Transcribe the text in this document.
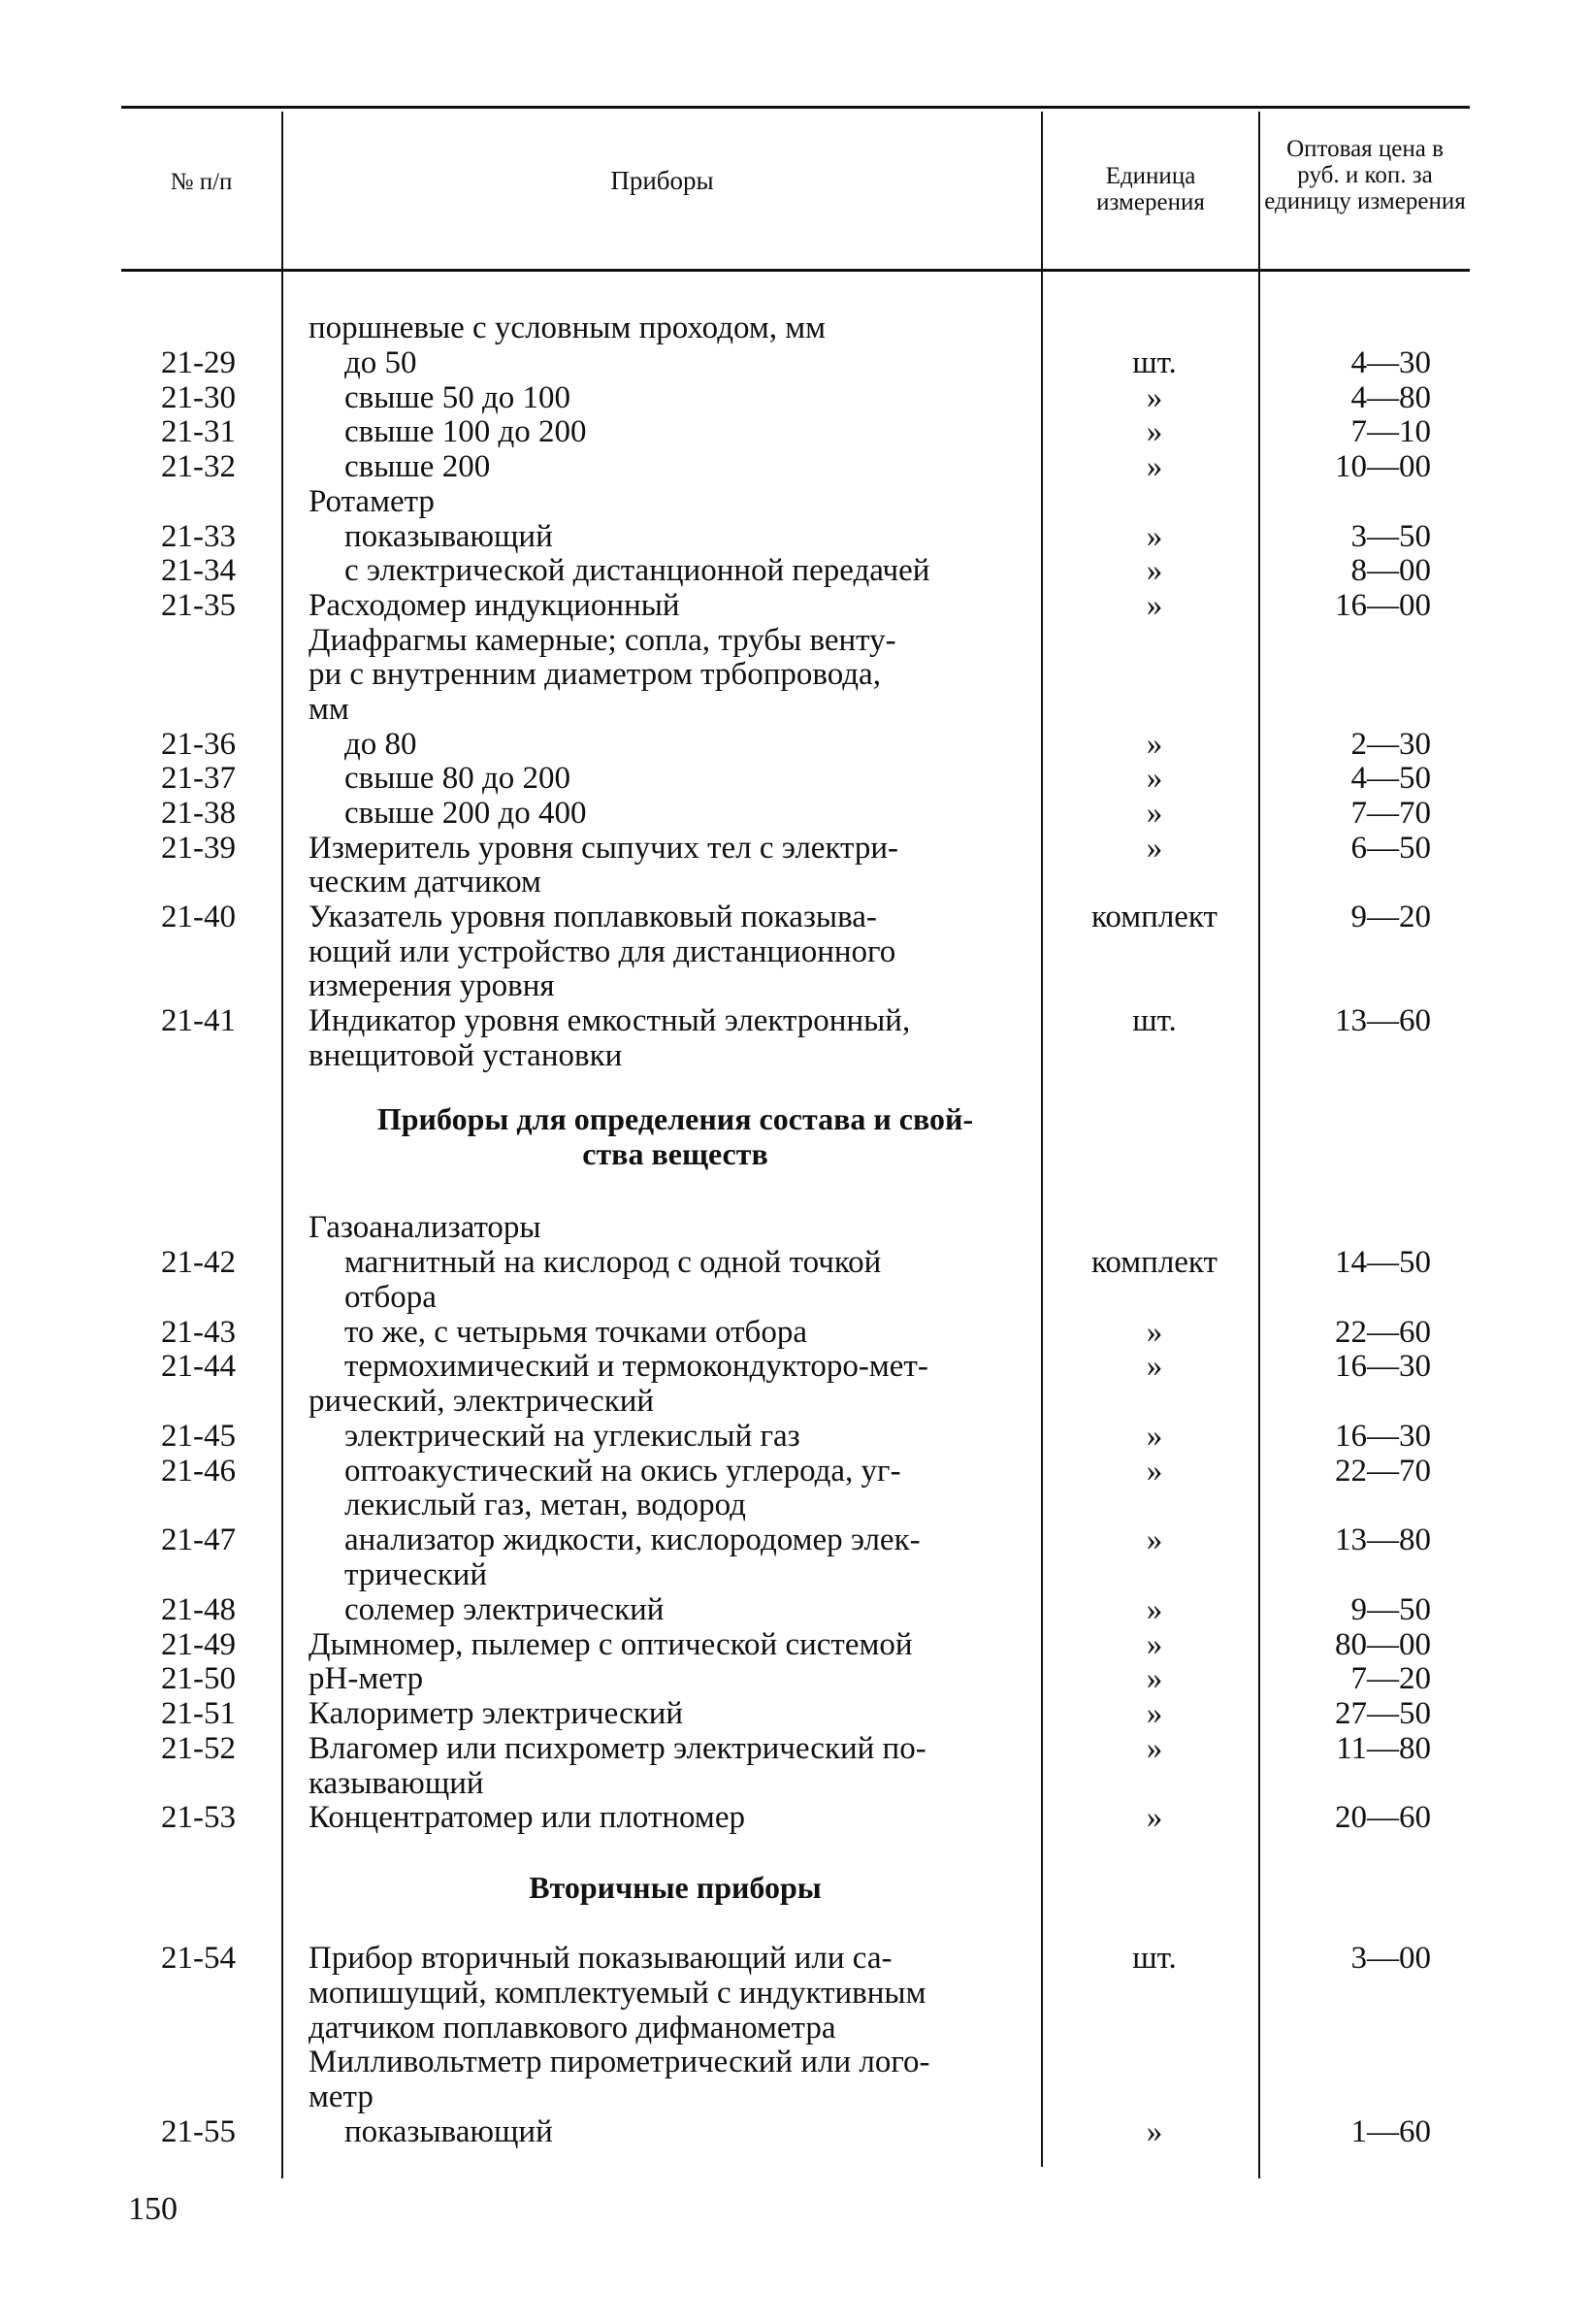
№ п/п	Приборы	Единица измерения
Оптовая цена в руб. и коп. за единицу измерения
поршневые с условным проходом, мм
21-29	до 50	шт.	4—30
21-30	свыше 50 до 100	»	4—80
21-31	свыше 100 до 200	»	7—10
21-32	свыше 200	»	10—00
Ротаметр
21-33	показывающий	»	3—50
21-34	с электрической дистанционной передачей	»	8—00
21-35 Расходомер индукционный	»	16—00
Диафрагмы камерные; сопла, трубы венту-
ри с внутренним диаметром трбопровода,
мм
21-36	до 80	»	2—30
21-37	свыше 80 до 200	»	4—50
21-38	свыше 200 до 400	»	7—70
21-39 Измеритель уровня сыпучих тел с электри-	»	6—50
ческим датчиком
21-40 Указатель уровня поплавковый показыва-	комплект	9—20
ющий или устройство для дистанционного
измерения уровня
21-41 Индикатор уровня емкостный электронный,	шт.	13—60
внещитовой установки
Газоанализаторы
21-42	магнитный на кислород с одной точкой	комплект	14—50
отбора
21-43	то же, с четырьмя точками отбора	»	22—60
21-44	термохимический и термокондукторо-мет-	»	16—30
рический, электрический
21-45	электрический на углекислый газ	»	16—30
21-46	оптоакустический на окись углерода, уг-	»	22—70
лекислый газ, метан, водород
21-47	анализатор жидкости, кислородомер элек-	»	13—80
трический
21-48	солемер электрический	»	9—50
21-49 Дымномер, пылемер с оптической системой	»	80—00
21-50 рН-метр	»	7—20
21-51 Калориметр электрический	»	27—50
21-52 Влагомер или психрометр электрический по-	»	11—80
казывающий
21-53 Концентратомер или плотномер	»	20—60
21-54 Прибор вторичный показывающий или са-	шт.	3—00
мопишущий, комплектуемый с индуктивным
датчиком поплавкового дифманометра
Милливольтметр пирометрический или лого-
метр
21-55	показывающий	»	1—60
Приборы для определения состава и свой-
ства веществ
Вторичные приборы
150
